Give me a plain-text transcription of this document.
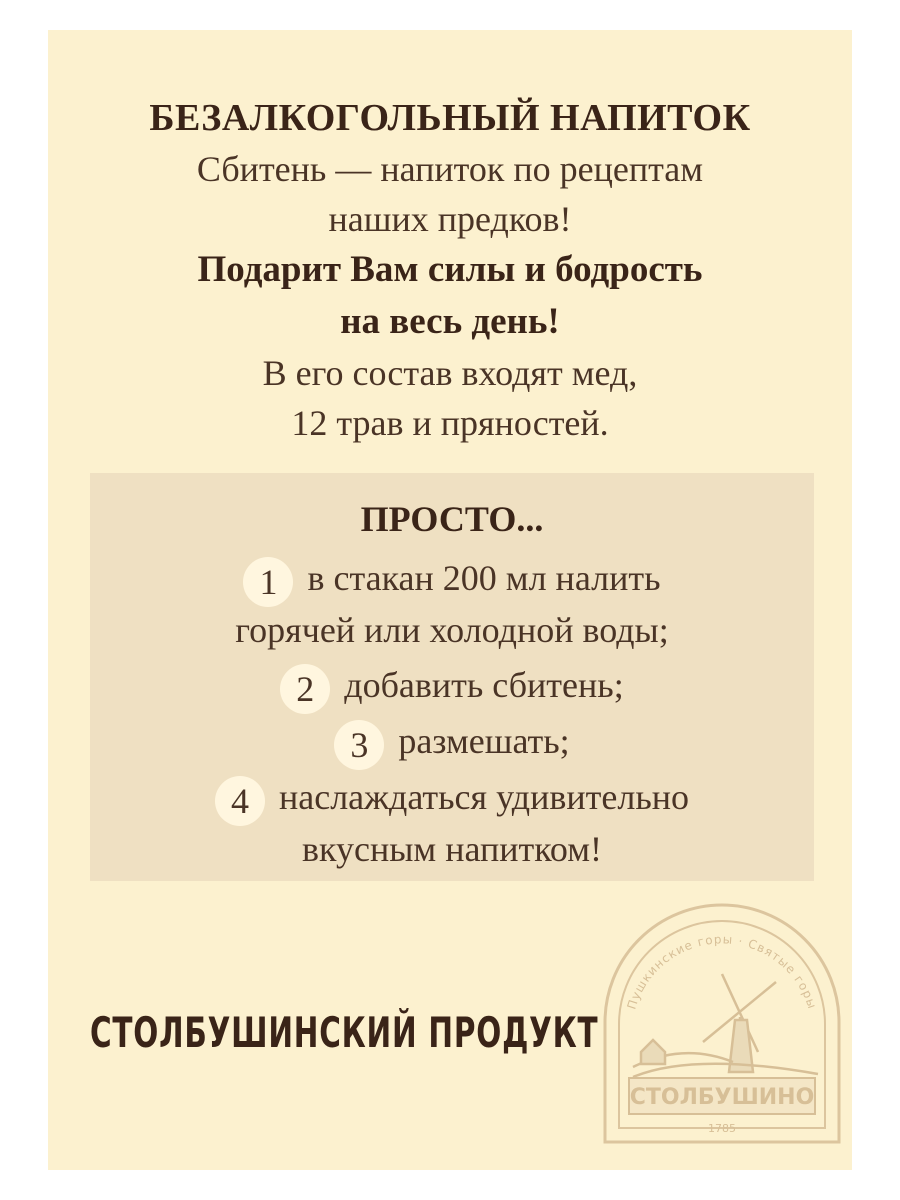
БЕЗАЛКОГОЛЬНЫЙ НАПИТОК
Сбитень — напиток по рецептам
наших предков!
Подарит Вам силы и бодрость
на весь день!
В его состав входят мед,
12 трав и пряностей.
ПРОСТО...
1 в стакан 200 мл налить
горячей или холодной воды;
2 добавить сбитень;
3 размешать;
4 наслаждаться удивительно
вкусным напитком!
СТОЛБУШИНСКИЙ ПРОДУКТ
Пушкинские горы · Святые горы
СТОЛБУШИНО
1785
